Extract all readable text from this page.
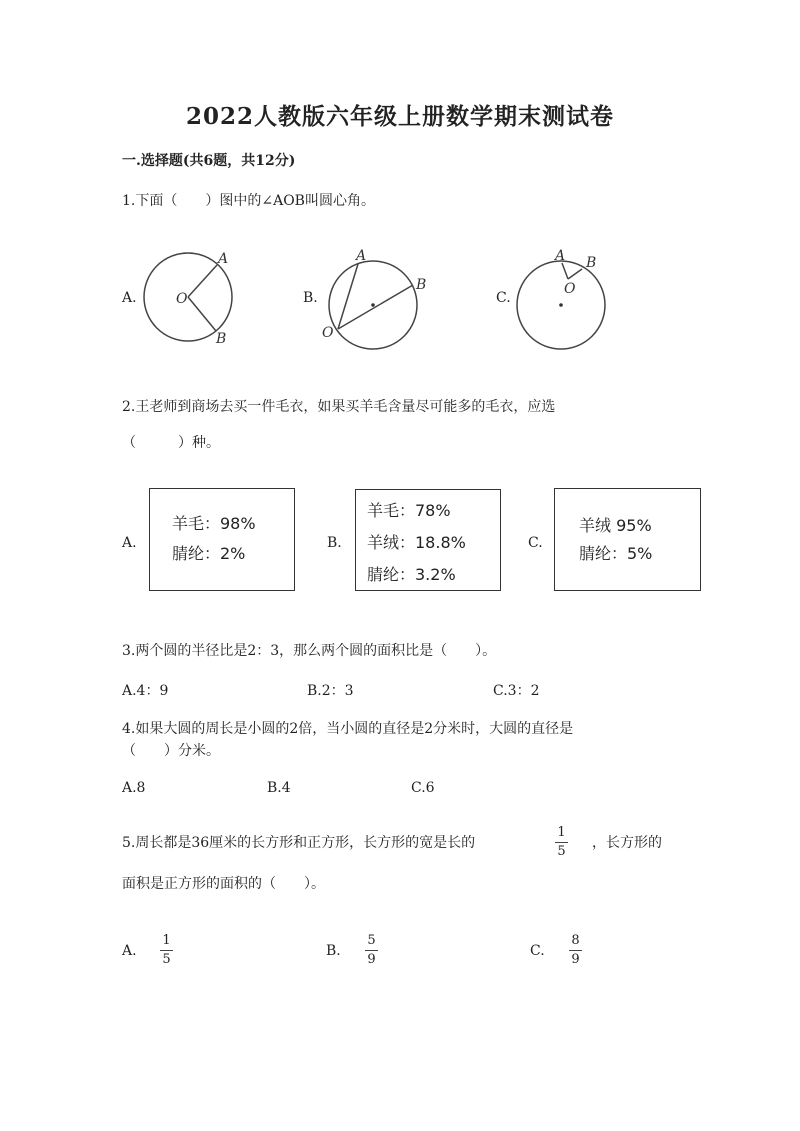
2022人教版六年级上册数学期末测试卷
一.选择题(共6题，共12分)
1.下面（　　）图中的∠AOB叫圆心角。
A.
A
O
B
B.
A
B
O
C.
A B
O
2.王老师到商场去买一件毛衣，如果买羊毛含量尽可能多的毛衣，应选
（　　　）种。
A.
羊毛：98%
腈纶：2%
B.
羊毛：78%
羊绒：18.8%
腈纶：3.2%
C.
羊绒 95%
腈纶：5%
3.两个圆的半径比是2：3，那么两个圆的面积比是（　　）。
A.4：9	B.2：3	C.3：2
4.如果大圆的周长是小圆的2倍，当小圆的直径是2分米时，大圆的直径是
（　　）分米。
A.8	B.4	C.6
5.周长都是36厘米的长方形和正方形，长方形的宽是长的
1
5
，长方形的
面积是正方形的面积的（　　）。
A.
1
5
B.
5
9
C.
8
9
